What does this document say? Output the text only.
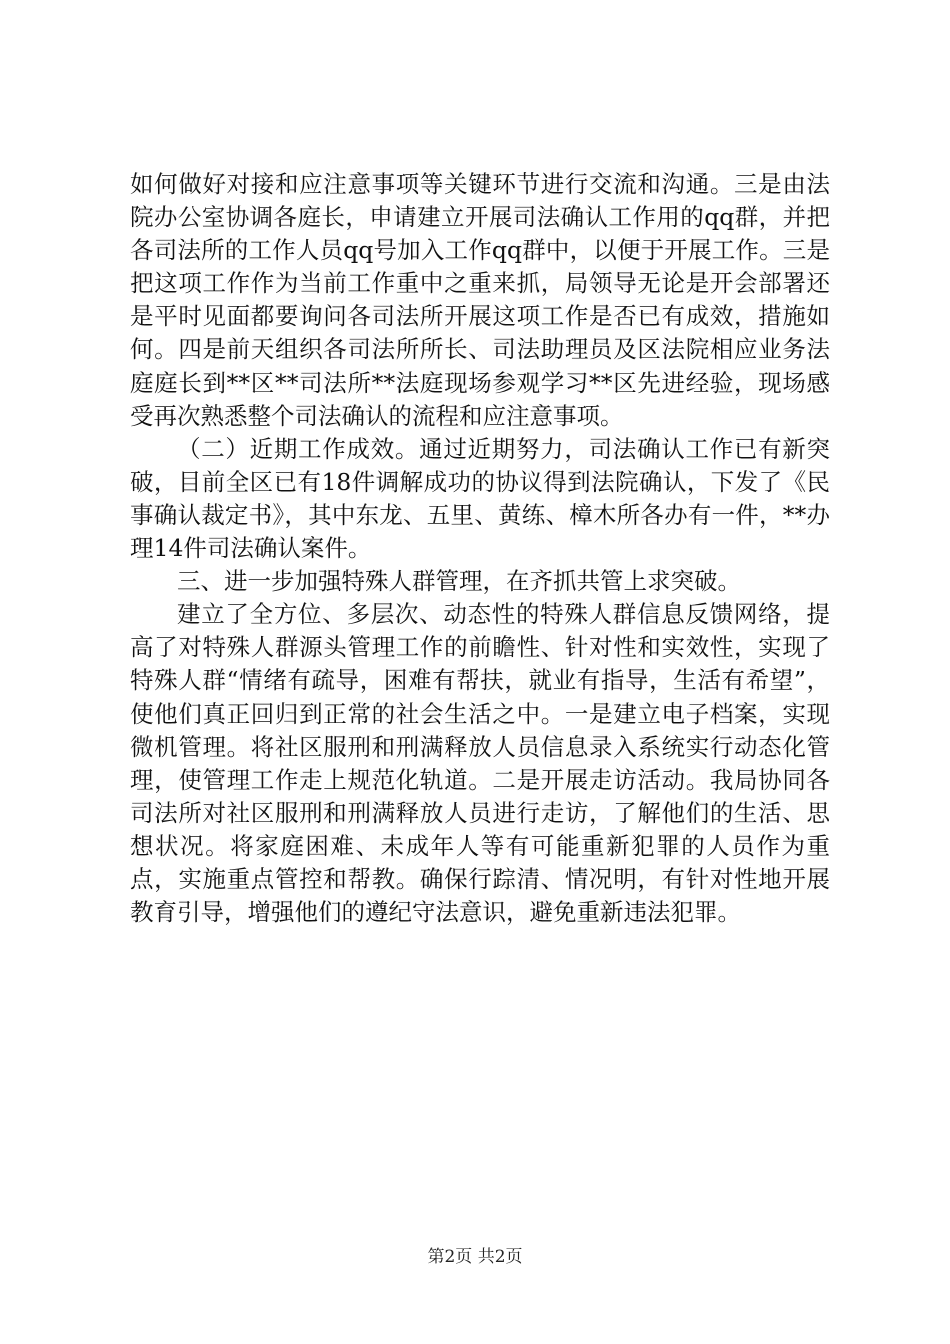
如何做好对接和应注意事项等关键环节进行交流和沟通。三是由法院办公室协调各庭长，申请建立开展司法确认工作用的qq群，并把各司法所的工作人员qq号加入工作qq群中，以便于开展工作。三是把这项工作作为当前工作重中之重来抓，局领导无论是开会部署还是平时见面都要询问各司法所开展这项工作是否已有成效，措施如何。四是前天组织各司法所所长、司法助理员及区法院相应业务法庭庭长到**区**司法所**法庭现场参观学习**区先进经验，现场感受再次熟悉整个司法确认的流程和应注意事项。

（二）近期工作成效。通过近期努力，司法确认工作已有新突破，目前全区已有18件调解成功的协议得到法院确认，下发了《民事确认裁定书》，其中东龙、五里、黄练、樟木所各办有一件，**办理14件司法确认案件。

三、进一步加强特殊人群管理，在齐抓共管上求突破。

建立了全方位、多层次、动态性的特殊人群信息反馈网络，提高了对特殊人群源头管理工作的前瞻性、针对性和实效性，实现了特殊人群“情绪有疏导，困难有帮扶，就业有指导，生活有希望”，使他们真正回归到正常的社会生活之中。一是建立电子档案，实现微机管理。将社区服刑和刑满释放人员信息录入系统实行动态化管理，使管理工作走上规范化轨道。二是开展走访活动。我局协同各司法所对社区服刑和刑满释放人员进行走访，了解他们的生活、思想状况。将家庭困难、未成年人等有可能重新犯罪的人员作为重点，实施重点管控和帮教。确保行踪清、情况明，有针对性地开展教育引导，增强他们的遵纪守法意识，避免重新违法犯罪。

第2页 共2页
